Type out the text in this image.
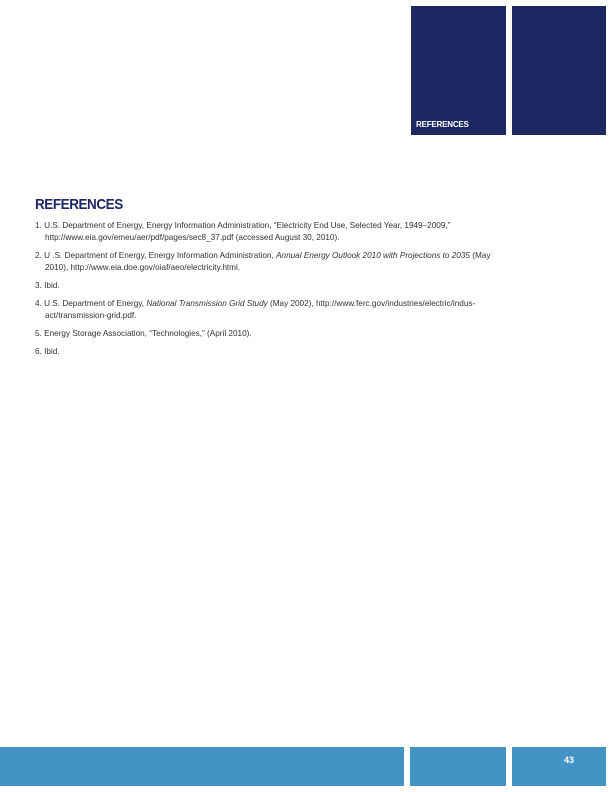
REFERENCES
REFERENCES
1. U.S. Department of Energy, Energy Information Administration, “Electricity End Use, Selected Year, 1949–2009,” http://www.eia.gov/emeu/aer/pdf/pages/sec8_37.pdf (accessed August 30, 2010).
2. U .S. Department of Energy, Energy Information Administration, Annual Energy Outlook 2010 with Projections to 2035 (May 2010), http://www.eia.doe.gov/oiaf/aeo/electricity.html.
3. Ibid.
4. U.S. Department of Energy, National Transmission Grid Study (May 2002), http://www.ferc.gov/industries/electric/indus-act/transmission-grid.pdf.
5. Energy Storage Association, “Technologies,” (April 2010).
6. Ibid.
43
